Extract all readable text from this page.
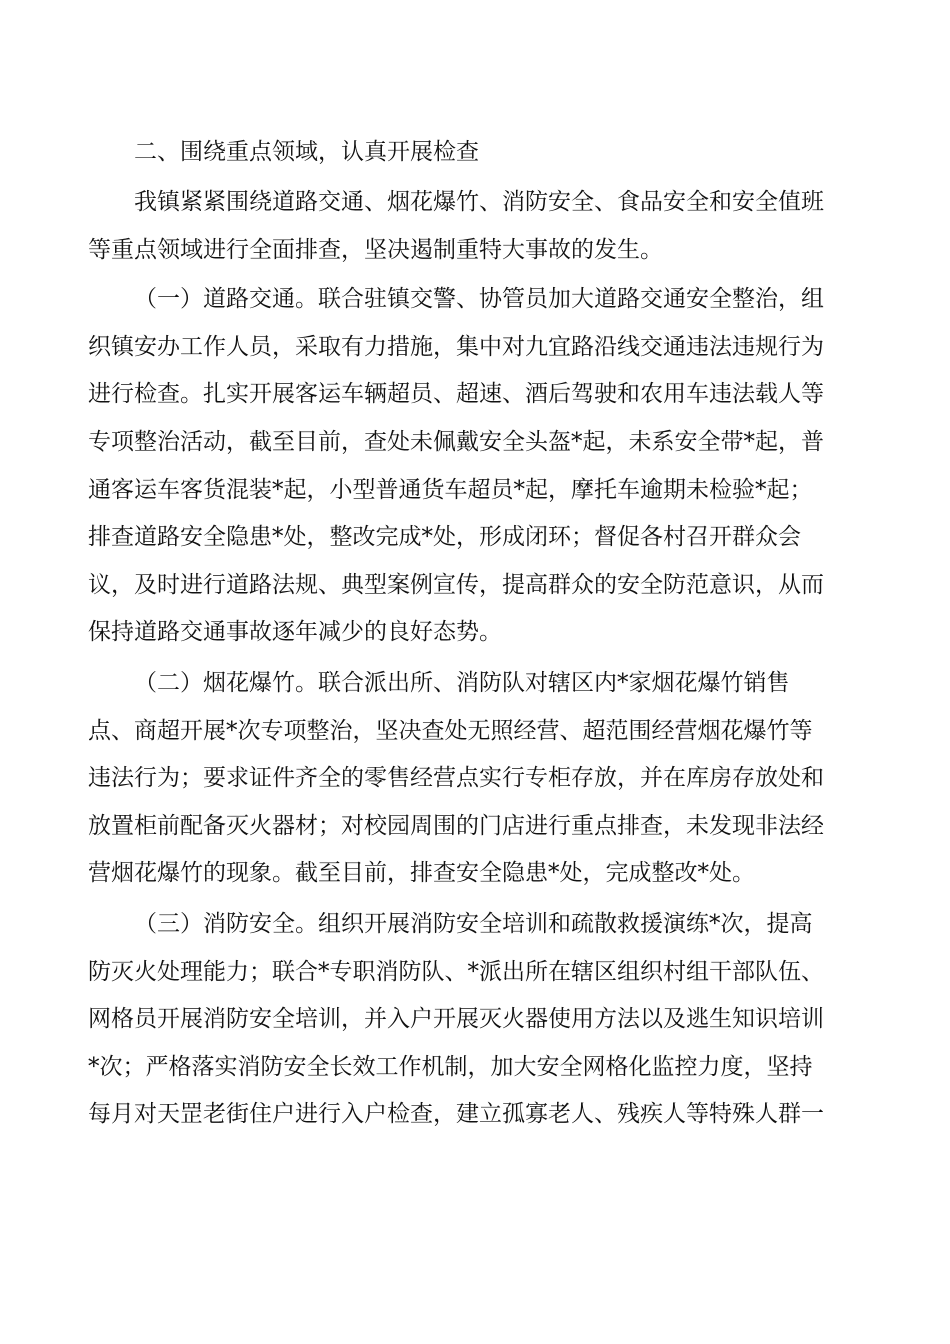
二、围绕重点领域，认真开展检查

我镇紧紧围绕道路交通、烟花爆竹、消防安全、食品安全和安全值班
等重点领域进行全面排查，坚决遏制重特大事故的发生。
（一）道路交通。联合驻镇交警、协管员加大道路交通安全整治，组
织镇安办工作人员，采取有力措施，集中对九宜路沿线交通违法违规行为
进行检查。扎实开展客运车辆超员、超速、酒后驾驶和农用车违法载人等
专项整治活动，截至目前，查处未佩戴安全头盔*起，未系安全带*起，普
通客运车客货混装*起，小型普通货车超员*起，摩托车逾期未检验*起；
排查道路安全隐患*处，整改完成*处，形成闭环；督促各村召开群众会
议，及时进行道路法规、典型案例宣传，提高群众的安全防范意识，从而
保持道路交通事故逐年减少的良好态势。
（二）烟花爆竹。联合派出所、消防队对辖区内*家烟花爆竹销售
点、商超开展*次专项整治，坚决查处无照经营、超范围经营烟花爆竹等
违法行为；要求证件齐全的零售经营点实行专柜存放，并在库房存放处和
放置柜前配备灭火器材；对校园周围的门店进行重点排查，未发现非法经
营烟花爆竹的现象。截至目前，排查安全隐患*处，完成整改*处。
（三）消防安全。组织开展消防安全培训和疏散救援演练*次，提高
防灭火处理能力；联合*专职消防队、*派出所在辖区组织村组干部队伍、
网格员开展消防安全培训，并入户开展灭火器使用方法以及逃生知识培训
*次；严格落实消防安全长效工作机制，加大安全网格化监控力度，坚持
每月对天罡老街住户进行入户检查，建立孤寡老人、残疾人等特殊人群一
